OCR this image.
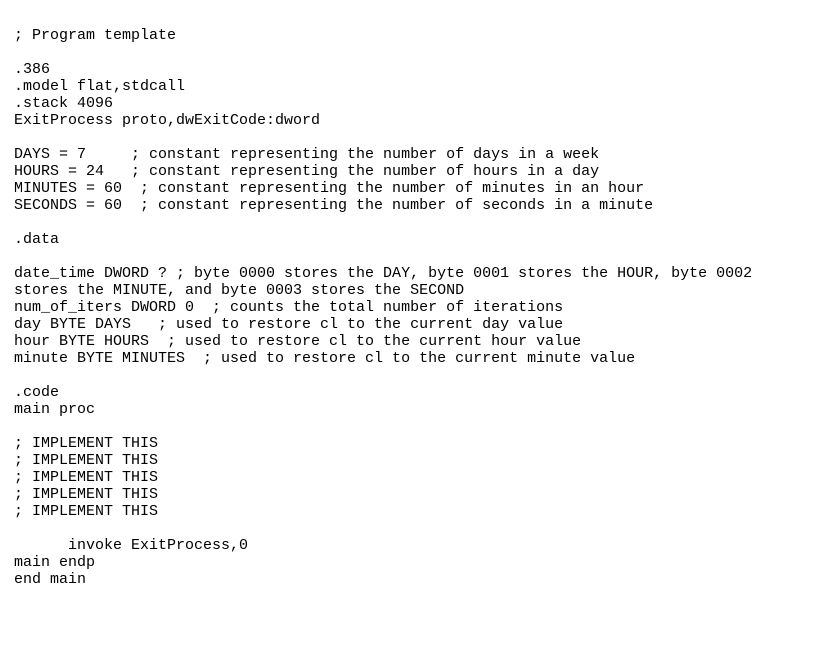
; Program template
.386
.model flat,stdcall
.stack 4096
ExitProcess proto,dwExitCode:dword
DAYS = 7     ; constant representing the number of days in a week
HOURS = 24   ; constant representing the number of hours in a day
MINUTES = 60  ; constant representing the number of minutes in an hour
SECONDS = 60  ; constant representing the number of seconds in a minute
.data
date_time DWORD ? ; byte 0000 stores the DAY, byte 0001 stores the HOUR, byte 0002
stores the MINUTE, and byte 0003 stores the SECOND
num_of_iters DWORD 0  ; counts the total number of iterations
day BYTE DAYS   ; used to restore cl to the current day value
hour BYTE HOURS  ; used to restore cl to the current hour value
minute BYTE MINUTES  ; used to restore cl to the current minute value
.code
main proc
; IMPLEMENT THIS
; IMPLEMENT THIS
; IMPLEMENT THIS
; IMPLEMENT THIS
; IMPLEMENT THIS
invoke ExitProcess,0
main endp
end main
